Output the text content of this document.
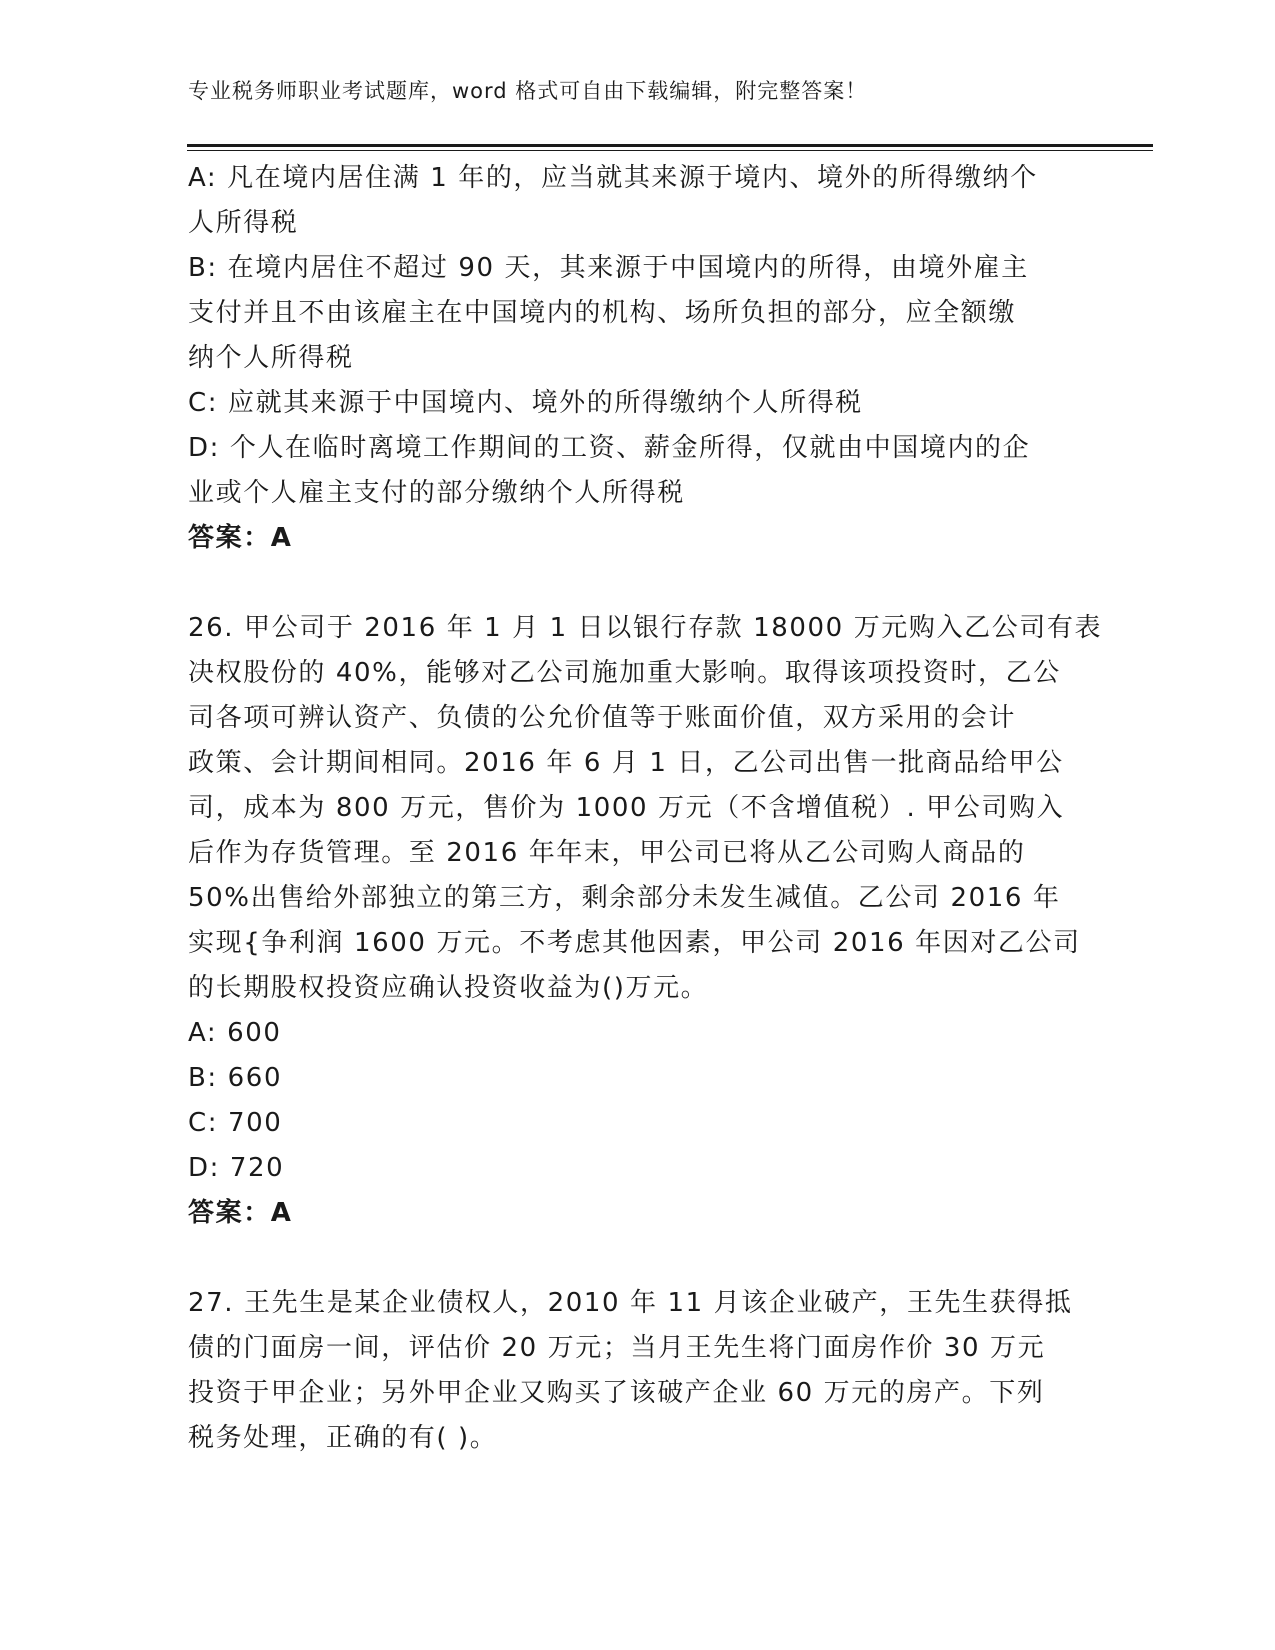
专业税务师职业考试题库，word 格式可自由下载编辑，附完整答案！
A: 凡在境内居住满 1 年的，应当就其来源于境内、境外的所得缴纳个
人所得税
B: 在境内居住不超过 90 天，其来源于中国境内的所得，由境外雇主
支付并且不由该雇主在中国境内的机构、场所负担的部分，应全额缴
纳个人所得税
C: 应就其来源于中国境内、境外的所得缴纳个人所得税
D: 个人在临时离境工作期间的工资、薪金所得，仅就由中国境内的企
业或个人雇主支付的部分缴纳个人所得税
答案：A
26. 甲公司于 2016 年 1 月 1 日以银行存款 18000 万元购入乙公司有表
决权股份的 40%，能够对乙公司施加重大影响。取得该项投资时，乙公
司各项可辨认资产、负债的公允价值等于账面价值，双方采用的会计
政策、会计期间相同。2016 年 6 月 1 日，乙公司出售一批商品给甲公
司，成本为 800 万元，售价为 1000 万元（不含增值税）. 甲公司购入
后作为存货管理。至 2016 年年末，甲公司已将从乙公司购人商品的
50%出售给外部独立的第三方，剩余部分未发生减值。乙公司 2016 年
实现{争利润 1600 万元。不考虑其他因素，甲公司 2016 年因对乙公司
的长期股权投资应确认投资收益为()万元。
A: 600
B: 660
C: 700
D: 720
答案：A
27. 王先生是某企业债权人，2010 年 11 月该企业破产，王先生获得抵
债的门面房一间，评估价 20 万元；当月王先生将门面房作价 30 万元
投资于甲企业；另外甲企业又购买了该破产企业 60 万元的房产。下列
税务处理，正确的有( )。
